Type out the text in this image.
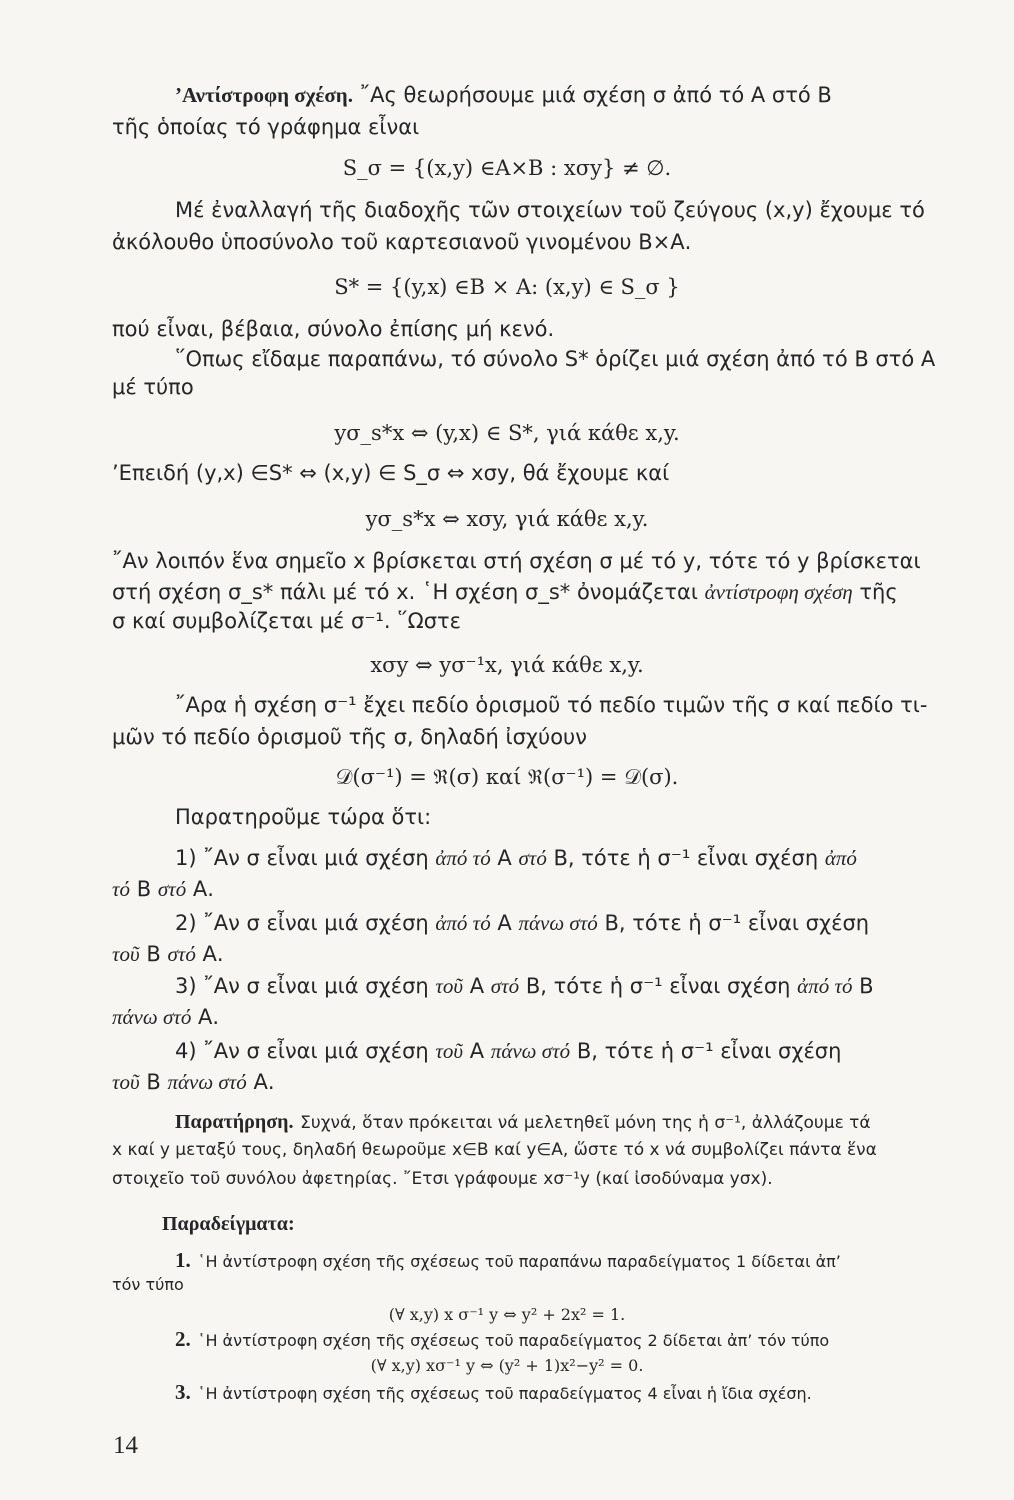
’Αντίστροφη σχέση. ῎Ας θεωρήσουμε μιά σχέση σ ἀπό τό Α στό Β
τῆς ὁποίας τό γράφημα εἶναι
S_σ = {(x,y) ∈A×B : xσy} ≠ ∅.
Μέ ἐναλλαγή τῆς διαδοχῆς τῶν στοιχείων τοῦ ζεύγους (x,y) ἔχουμε τό
ἀκόλουθο ὑποσύνολο τοῦ καρτεσιανοῦ γινομένου Β×Α.
S* = {(y,x) ∈B × A: (x,y) ∈ S_σ }
πού εἶναι, βέβαια, σύνολο ἐπίσης μή κενό.
῞Οπως εἴδαμε παραπάνω, τό σύνολο S* ὁρίζει μιά σχέση ἀπό τό Β στό Α
μέ τύπο
yσ_s*x ⇔ (y,x) ∈ S*, γιά κάθε x,y.
’Επειδή (y,x) ∈S* ⇔ (x,y) ∈ S_σ ⇔ xσy, θά ἔχουμε καί
yσ_s*x ⇔ xσy, γιά κάθε x,y.
῎Αν λοιπόν ἕνα σημεῖο x βρίσκεται στή σχέση σ μέ τό y, τότε τό y βρίσκεται
στή σχέση σ_s* πάλι μέ τό x. ῾Η σχέση σ_s* ὀνομάζεται ἀντίστροφη σχέση τῆς
σ καί συμβολίζεται μέ σ⁻¹. ῞Ωστε
xσy ⇔ yσ⁻¹x, γιά κάθε x,y.
῎Αρα ἡ σχέση σ⁻¹ ἔχει πεδίο ὁρισμοῦ τό πεδίο τιμῶν τῆς σ καί πεδίο τι-
μῶν τό πεδίο ὁρισμοῦ τῆς σ, δηλαδή ἰσχύουν
𝒟(σ⁻¹) = ℜ(σ) καί ℜ(σ⁻¹) = 𝒟(σ).
Παρατηροῦμε τώρα ὅτι:
1) ῎Αν σ εἶναι μιά σχέση ἀπό τό Α στό Β, τότε ἡ σ⁻¹ εἶναι σχέση ἀπό
τό Β στό Α.
2) ῎Αν σ εἶναι μιά σχέση ἀπό τό Α πάνω στό Β, τότε ἡ σ⁻¹ εἶναι σχέση
τοῦ Β στό Α.
3) ῎Αν σ εἶναι μιά σχέση τοῦ Α στό Β, τότε ἡ σ⁻¹ εἶναι σχέση ἀπό τό Β
πάνω στό Α.
4) ῎Αν σ εἶναι μιά σχέση τοῦ Α πάνω στό Β, τότε ἡ σ⁻¹ εἶναι σχέση
τοῦ Β πάνω στό Α.
Παρατήρηση. Συχνά, ὅταν πρόκειται νά μελετηθεῖ μόνη της ἡ σ⁻¹, ἀλλάζουμε τά
x καί y μεταξύ τους, δηλαδή θεωροῦμε x∈B καί y∈A, ὥστε τό x νά συμβολίζει πάντα ἕνα
στοιχεῖο τοῦ συνόλου ἀφετηρίας. ῎Ετσι γράφουμε xσ⁻¹y (καί ἰσοδύναμα yσx).
Παραδείγματα:
1. ῾Η ἀντίστροφη σχέση τῆς σχέσεως τοῦ παραπάνω παραδείγματος 1 δίδεται ἀπ’
τόν τύπο
(∀ x,y) x σ⁻¹ y ⇔ y² + 2x² = 1.
2. ῾Η ἀντίστροφη σχέση τῆς σχέσεως τοῦ παραδείγματος 2 δίδεται ἀπ’ τόν τύπο
(∀ x,y) xσ⁻¹ y ⇔ (y² + 1)x²−y² = 0.
3. ῾Η ἀντίστροφη σχέση τῆς σχέσεως τοῦ παραδείγματος 4 εἶναι ἡ ἴδια σχέση.
14
